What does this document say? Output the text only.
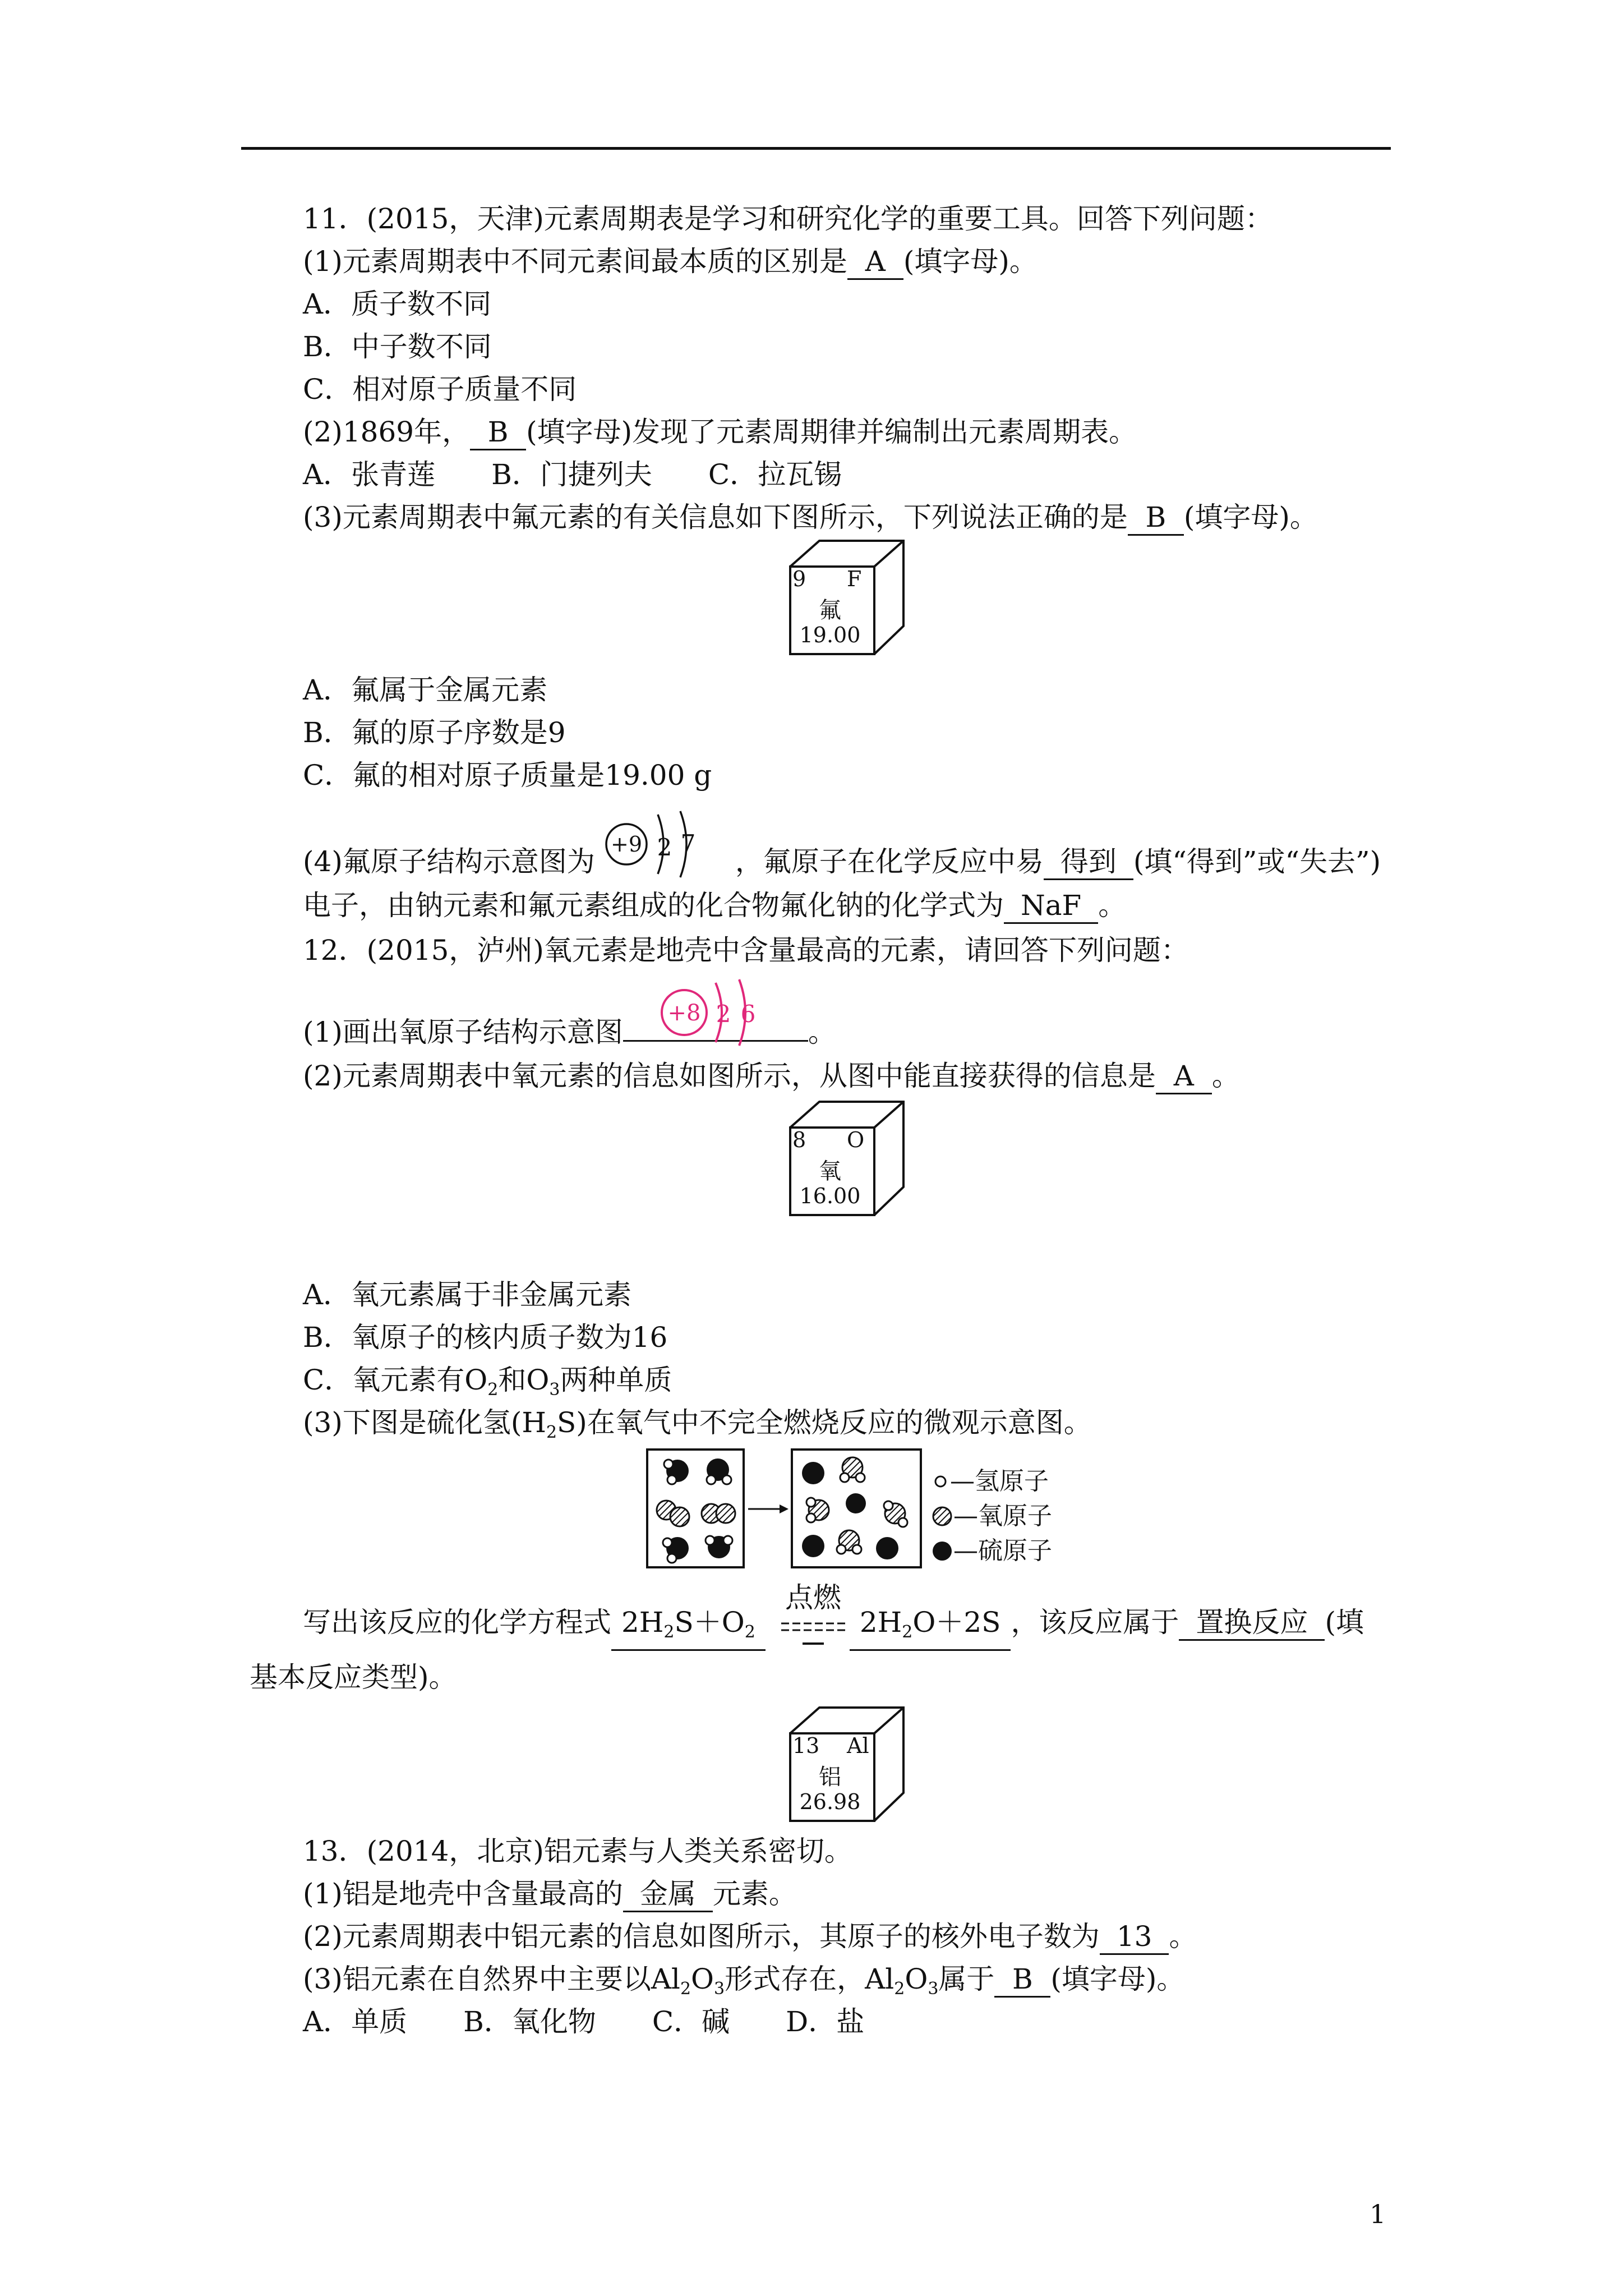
11．(2015，天津)元素周期表是学习和研究化学的重要工具。回答下列问题：
(1)元素周期表中不同元素间最本质的区别是 A (填字母)。
A．质子数不同
B．中子数不同
C．相对原子质量不同
(2)1869年， B (填字母)发现了元素周期律并编制出元素周期表。
A．张青莲　　B．门捷列夫　　C．拉瓦锡
(3)元素周期表中氟元素的有关信息如下图所示，下列说法正确的是 B (填字母)。
9 F
氟
19.00
A．氟属于金属元素
B．氟的原子序数是9
C．氟的相对原子质量是19.00 g
(4)氟原子结构示意图为	，氟原子在化学反应中易 得到 (填“得到”或“失去”)
+9 2 7
电子，由钠元素和氟元素组成的化合物氟化钠的化学式为 NaF 。
12．(2015，泸州)氧元素是地壳中含量最高的元素，请回答下列问题：
(1)画出氧原子结构示意图	。
+8 2 6
(2)元素周期表中氧元素的信息如图所示，从图中能直接获得的信息是 A 。
8 O
氧
16.00
A．氧元素属于非金属元素
B．氧原子的核内质子数为16
C．氧元素有$O_2$和$O_3$两种单质
(3)下图是硫化氢$(H_2S)$在氧气中不完全燃烧反应的微观示意图。
—氢原子
—氧原子
—硫原子
写出该反应的化学方程式 $2H_2S+O_2$	$2H_2O+2S$ ，该反应属于 置换反应 (填
点燃
基本反应类型)。
13 Al
铝
26.98
13．(2014，北京)铝元素与人类关系密切。
(1)铝是地壳中含量最高的 金属 元素。
(2)元素周期表中铝元素的信息如图所示，其原子的核外电子数为 13 。
(3)铝元素在自然界中主要以$Al_2O_3$形式存在，$Al_2O_3$属于 B (填字母)。
A．单质　　B．氧化物　　C．碱　　D．盐
1
